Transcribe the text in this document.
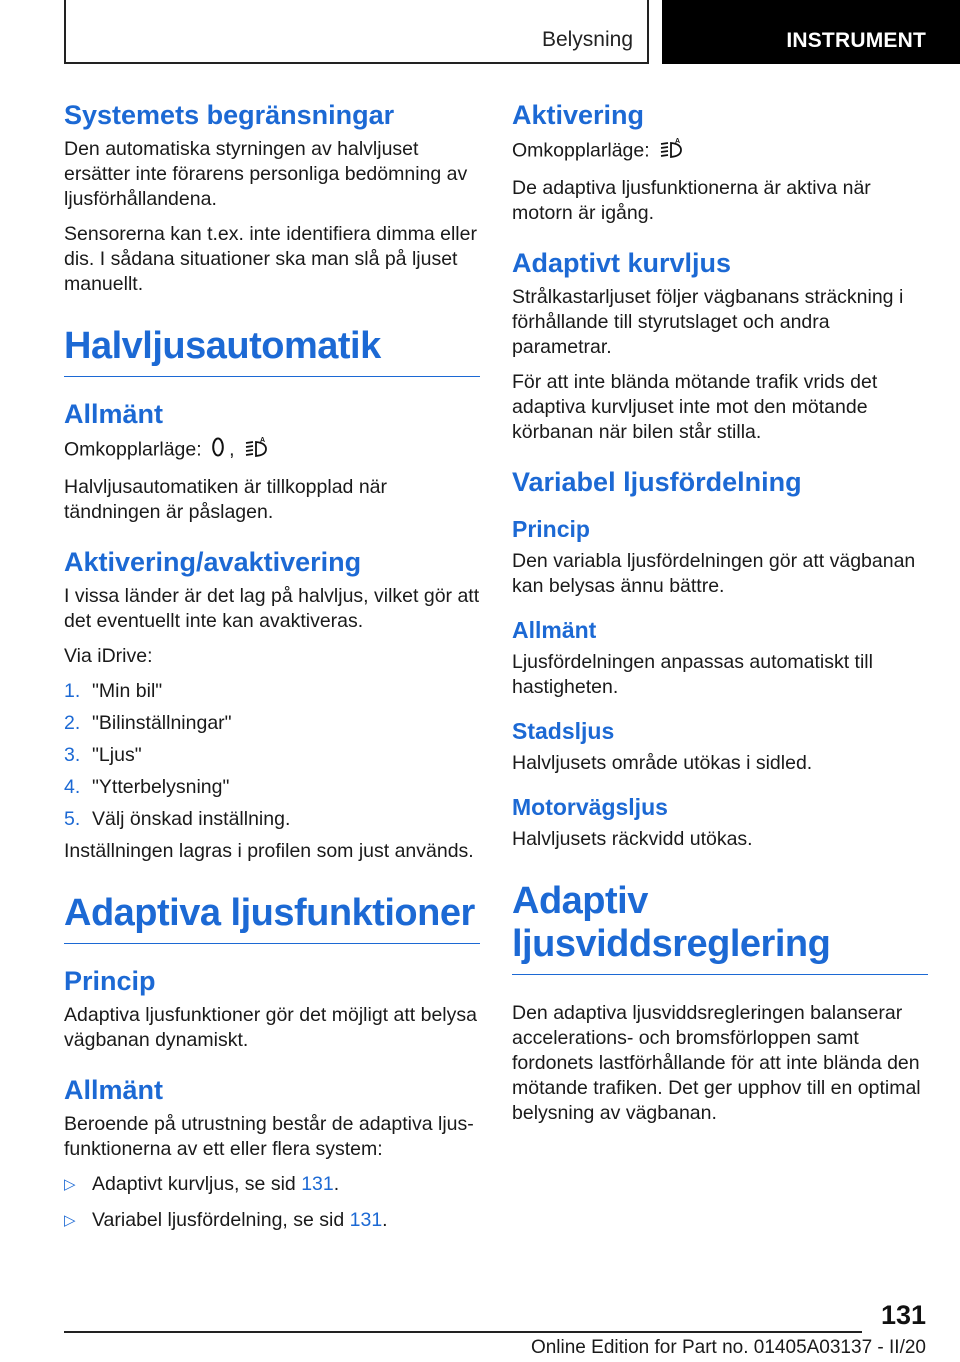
Belysning	INSTRUMENT
Systemets begränsningar

Den automatiska styrningen av halvljuset ersätter inte förarens personliga bedömning av ljusförhållandena.

Sensorerna kan t.ex. inte identifiera dimma eller dis. I sådana situationer ska man slå på ljuset manuellt.

Halvljusautomatik
Allmänt

Omkopplarläge: ,	A

Halvljusautomatiken är tillkopplad när tändningen är påslagen.

Aktivering/avaktivering

I vissa länder är det lag på halvljus, vilket gör att det eventuellt inte kan avaktiveras.

Via iDrive:

1. "Min bil"
2. "Bilinställningar"
3. "Ljus"
4. "Ytterbelysning"
5. Välj önskad inställning.

Inställningen lagras i profilen som just används.

Adaptiva ljusfunktioner
Princip

Adaptiva ljusfunktioner gör det möjligt att belysa vägbanan dynamiskt.

Allmänt

Beroende på utrustning består de adaptiva ljusfunktionerna av ett eller flera system:

▷ Adaptivt kurvljus, se sid 131.
▷ Variabel ljusfördelning, se sid 131.
Aktivering

Omkopplarläge:	A

De adaptiva ljusfunktionerna är aktiva när motorn är igång.

Adaptivt kurvljus

Strålkastarljuset följer vägbanans sträckning i förhållande till styrutslaget och andra parametrar.

För att inte blända mötande trafik vrids det adaptiva kurvljuset inte mot den mötande körbanan när bilen står stilla.

Variabel ljusfördelning
Princip

Den variabla ljusfördelningen gör att vägbanan kan belysas ännu bättre.

Allmänt

Ljusfördelningen anpassas automatiskt till hastigheten.

Stadsljus

Halvljusets område utökas i sidled.

Motorvägsljus

Halvljusets räckvidd utökas.

Adaptiv ljusviddsreglering

Den adaptiva ljusviddsregleringen balanserar accelerations- och bromsförloppen samt fordonets lastförhållande för att inte blända den mötande trafiken. Det ger upphov till en optimal belysning av vägbanan.

131
Online Edition for Part no. 01405A03137 - II/20
